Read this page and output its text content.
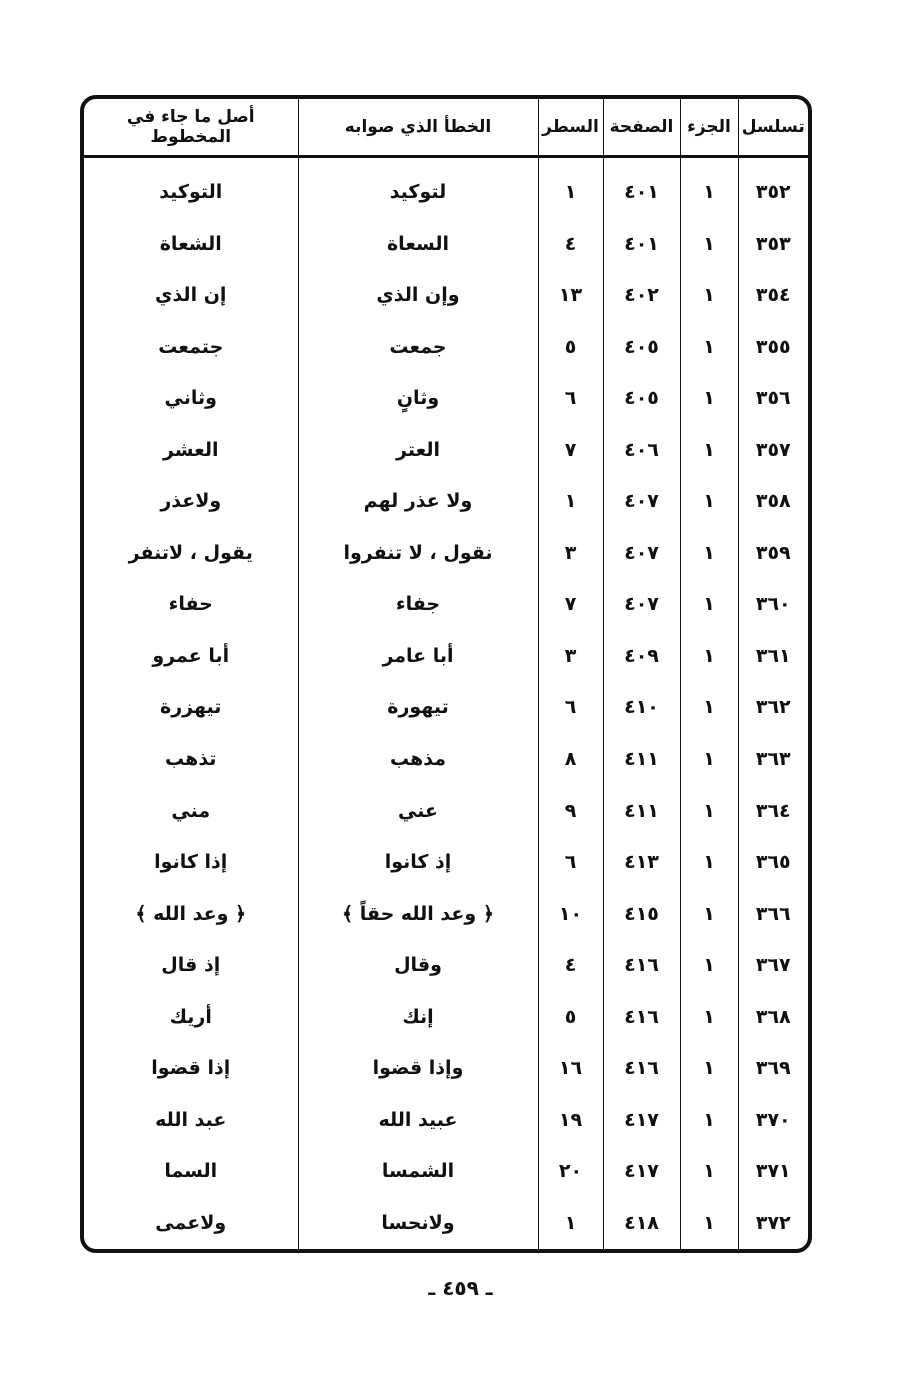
تسلسل	الجزء	الصفحة	السطر	الخطأ الذي صوابه	أصل ما جاء في المخطوط
٣٥٢	١	٤٠١	١	لتوكيد	التوكيد
٣٥٣	١	٤٠١	٤	السعاة	الشعاة
٣٥٤	١	٤٠٢	١٣	وإن الذي	إن الذي
٣٥٥	١	٤٠٥	٥	جمعت	جتمعت
٣٥٦	١	٤٠٥	٦	وثانٍ	وثاني
٣٥٧	١	٤٠٦	٧	العتر	العشر
٣٥٨	١	٤٠٧	١	ولا عذر لهم	ولاعذر
٣٥٩	١	٤٠٧	٣	نقول ، لا تنفروا	يقول ، لاتنفر
٣٦٠	١	٤٠٧	٧	جفاء	حفاء
٣٦١	١	٤٠٩	٣	أبا عامر	أبا عمرو
٣٦٢	١	٤١٠	٦	تيهورة	تيهزرة
٣٦٣	١	٤١١	٨	مذهب	تذهب
٣٦٤	١	٤١١	٩	عني	مني
٣٦٥	١	٤١٣	٦	إذ كانوا	إذا كانوا
٣٦٦	١	٤١٥	١٠	﴿ وعد الله حقاً ﴾	﴿ وعد الله ﴾
٣٦٧	١	٤١٦	٤	وقال	إذ قال
٣٦٨	١	٤١٦	٥	إنك	أريك
٣٦٩	١	٤١٦	١٦	وإذا قضوا	إذا قضوا
٣٧٠	١	٤١٧	١٩	عبيد الله	عبد الله
٣٧١	١	٤١٧	٢٠	الشمسا	السما
٣٧٢	١	٤١٨	١	ولانحسا	ولاعمى
ـ ٤٥٩ ـ
